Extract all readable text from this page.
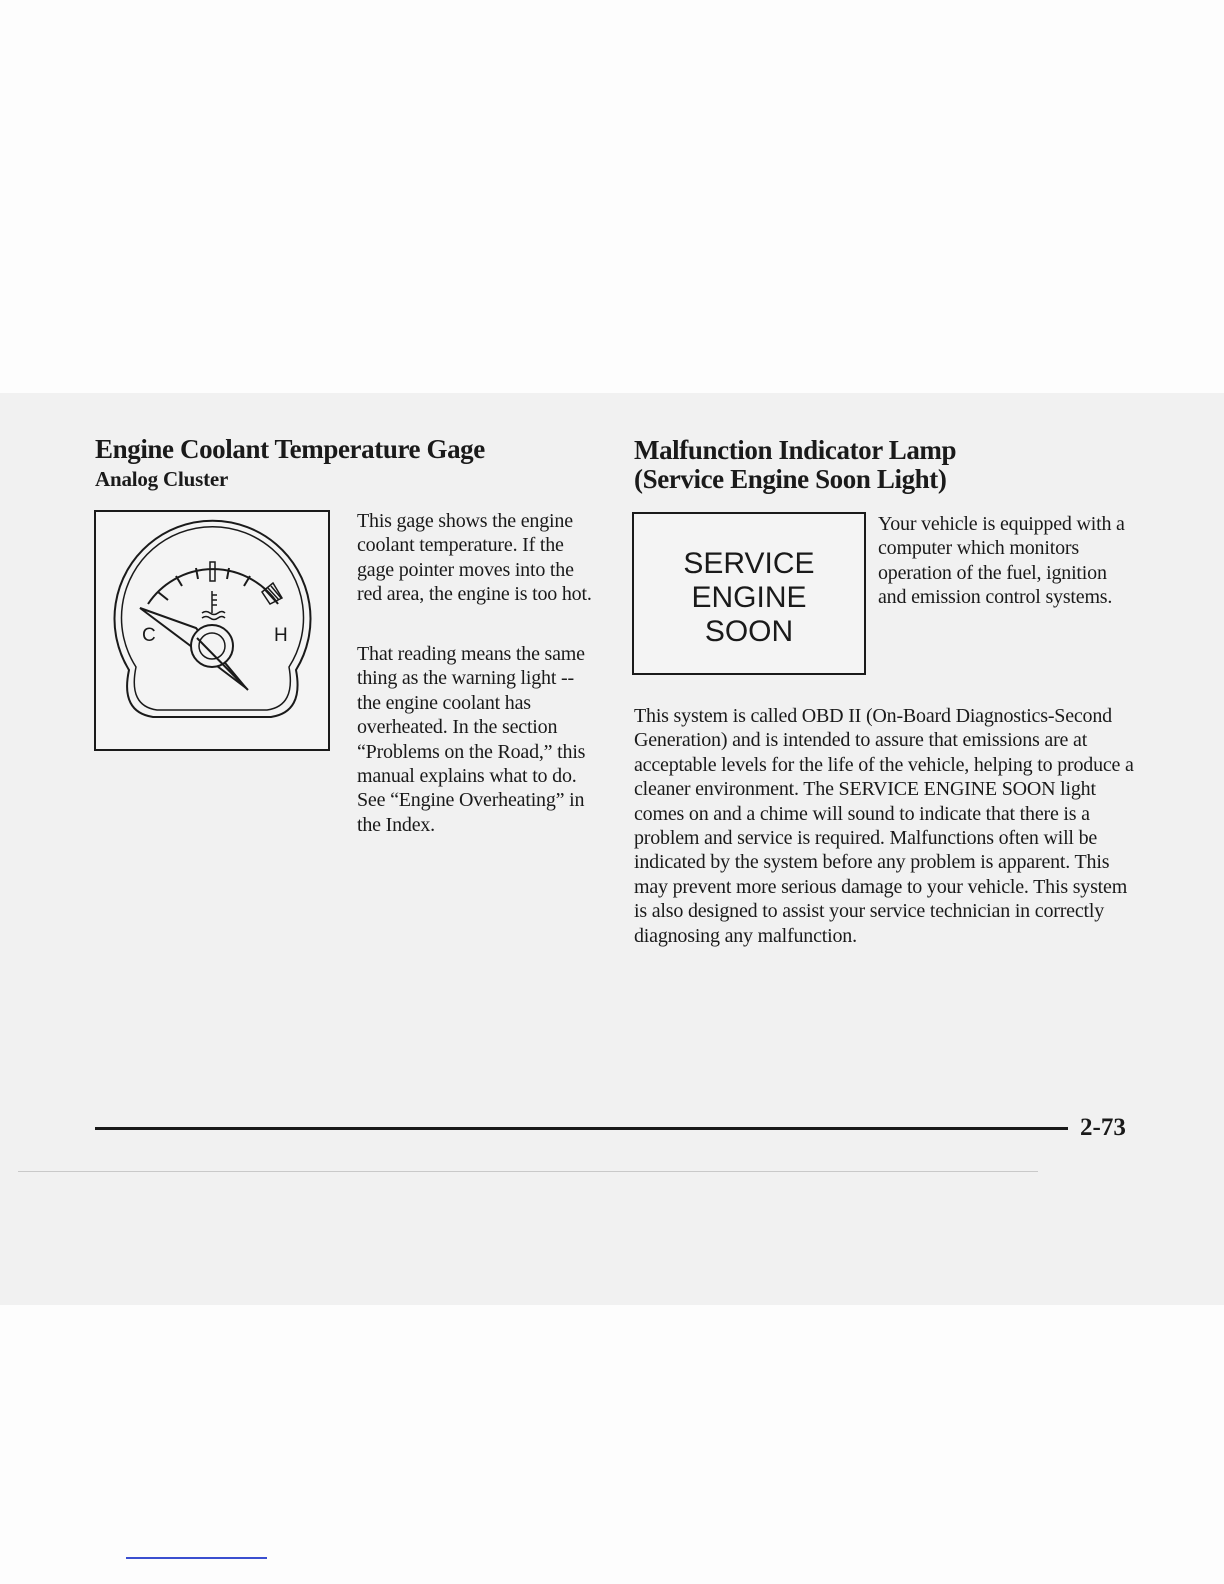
Engine Coolant Temperature Gage
Analog Cluster
C	H

This gage shows the engine coolant temperature. If the gage pointer moves into the red area, the engine is too hot.

That reading means the same thing as the warning light -- the engine coolant has overheated. In the section “Problems on the Road,” this manual explains what to do. See “Engine Overheating” in the Index.

Malfunction Indicator Lamp
(Service Engine Soon Light)
SERVICE
ENGINE
SOON

Your vehicle is equipped with a computer which monitors operation of the fuel, ignition and emission control systems.

This system is called OBD II (On-Board Diagnostics-Second Generation) and is intended to assure that emissions are at acceptable levels for the life of the vehicle, helping to produce a cleaner environment. The SERVICE ENGINE SOON light comes on and a chime will sound to indicate that there is a problem and service is required. Malfunctions often will be indicated by the system before any problem is apparent. This may prevent more serious damage to your vehicle. This system is also designed to assist your service technician in correctly diagnosing any malfunction.

2-73
